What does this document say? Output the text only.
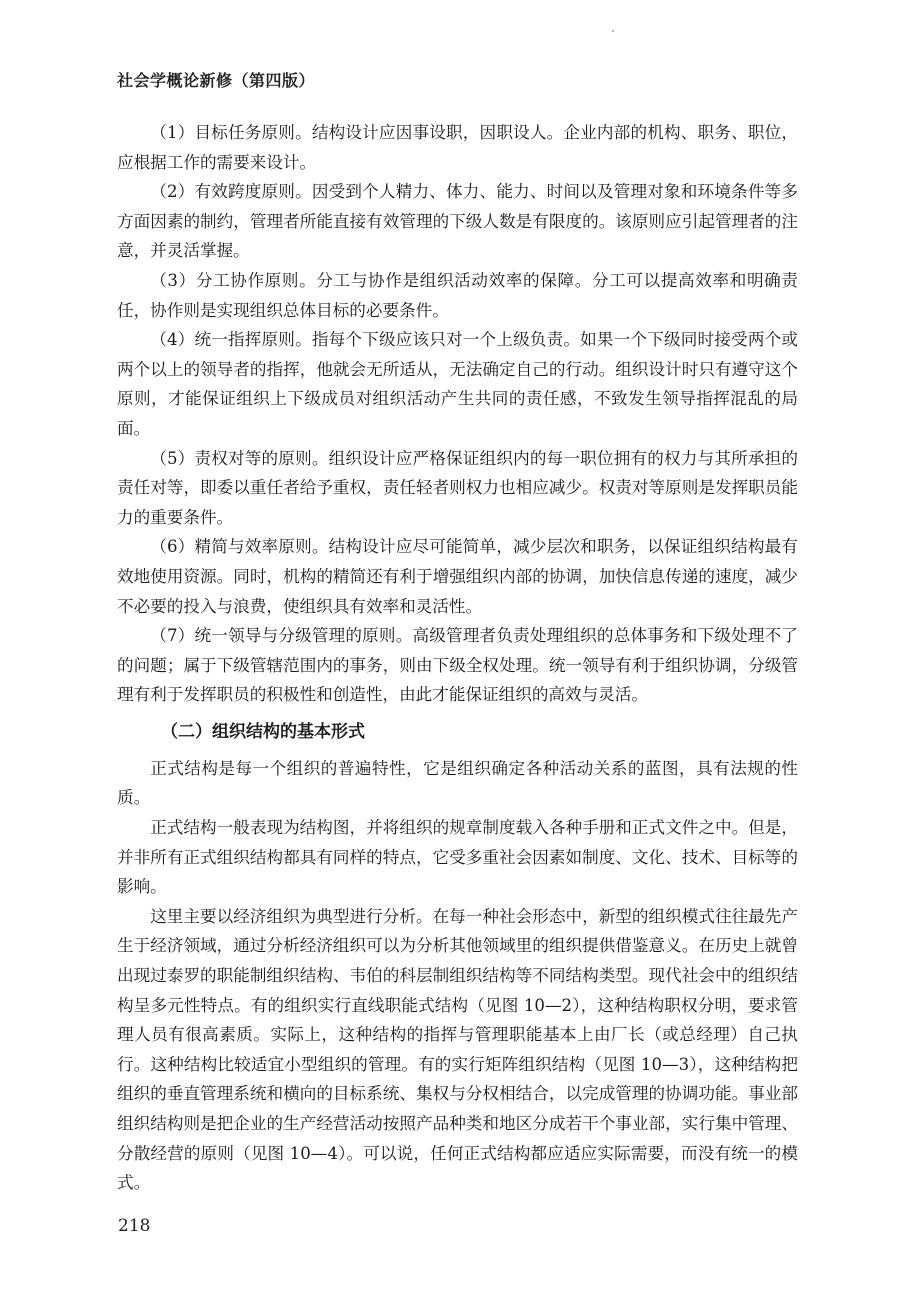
社会学概论新修（第四版）

（1）目标任务原则。结构设计应因事设职，因职设人。企业内部的机构、职务、职位，应根据工作的需要来设计。

（2）有效跨度原则。因受到个人精力、体力、能力、时间以及管理对象和环境条件等多方面因素的制约，管理者所能直接有效管理的下级人数是有限度的。该原则应引起管理者的注意，并灵活掌握。

（3）分工协作原则。分工与协作是组织活动效率的保障。分工可以提高效率和明确责任，协作则是实现组织总体目标的必要条件。

（4）统一指挥原则。指每个下级应该只对一个上级负责。如果一个下级同时接受两个或两个以上的领导者的指挥，他就会无所适从，无法确定自己的行动。组织设计时只有遵守这个原则，才能保证组织上下级成员对组织活动产生共同的责任感，不致发生领导指挥混乱的局面。

（5）责权对等的原则。组织设计应严格保证组织内的每一职位拥有的权力与其所承担的责任对等，即委以重任者给予重权，责任轻者则权力也相应减少。权责对等原则是发挥职员能力的重要条件。

（6）精简与效率原则。结构设计应尽可能简单，减少层次和职务，以保证组织结构最有效地使用资源。同时，机构的精简还有利于增强组织内部的协调，加快信息传递的速度，减少不必要的投入与浪费，使组织具有效率和灵活性。

（7）统一领导与分级管理的原则。高级管理者负责处理组织的总体事务和下级处理不了的问题；属于下级管辖范围内的事务，则由下级全权处理。统一领导有利于组织协调，分级管理有利于发挥职员的积极性和创造性，由此才能保证组织的高效与灵活。

（二）组织结构的基本形式

正式结构是每一个组织的普遍特性，它是组织确定各种活动关系的蓝图，具有法规的性质。

正式结构一般表现为结构图，并将组织的规章制度载入各种手册和正式文件之中。但是，并非所有正式组织结构都具有同样的特点，它受多重社会因素如制度、文化、技术、目标等的影响。

这里主要以经济组织为典型进行分析。在每一种社会形态中，新型的组织模式往往最先产生于经济领域，通过分析经济组织可以为分析其他领域里的组织提供借鉴意义。在历史上就曾出现过泰罗的职能制组织结构、韦伯的科层制组织结构等不同结构类型。现代社会中的组织结构呈多元性特点。有的组织实行直线职能式结构（见图 10—2），这种结构职权分明，要求管理人员有很高素质。实际上，这种结构的指挥与管理职能基本上由厂长（或总经理）自己执行。这种结构比较适宜小型组织的管理。有的实行矩阵组织结构（见图 10—3），这种结构把组织的垂直管理系统和横向的目标系统、集权与分权相结合，以完成管理的协调功能。事业部组织结构则是把企业的生产经营活动按照产品种类和地区分成若干个事业部，实行集中管理、分散经营的原则（见图 10—4）。可以说，任何正式结构都应适应实际需要，而没有统一的模式。

218
